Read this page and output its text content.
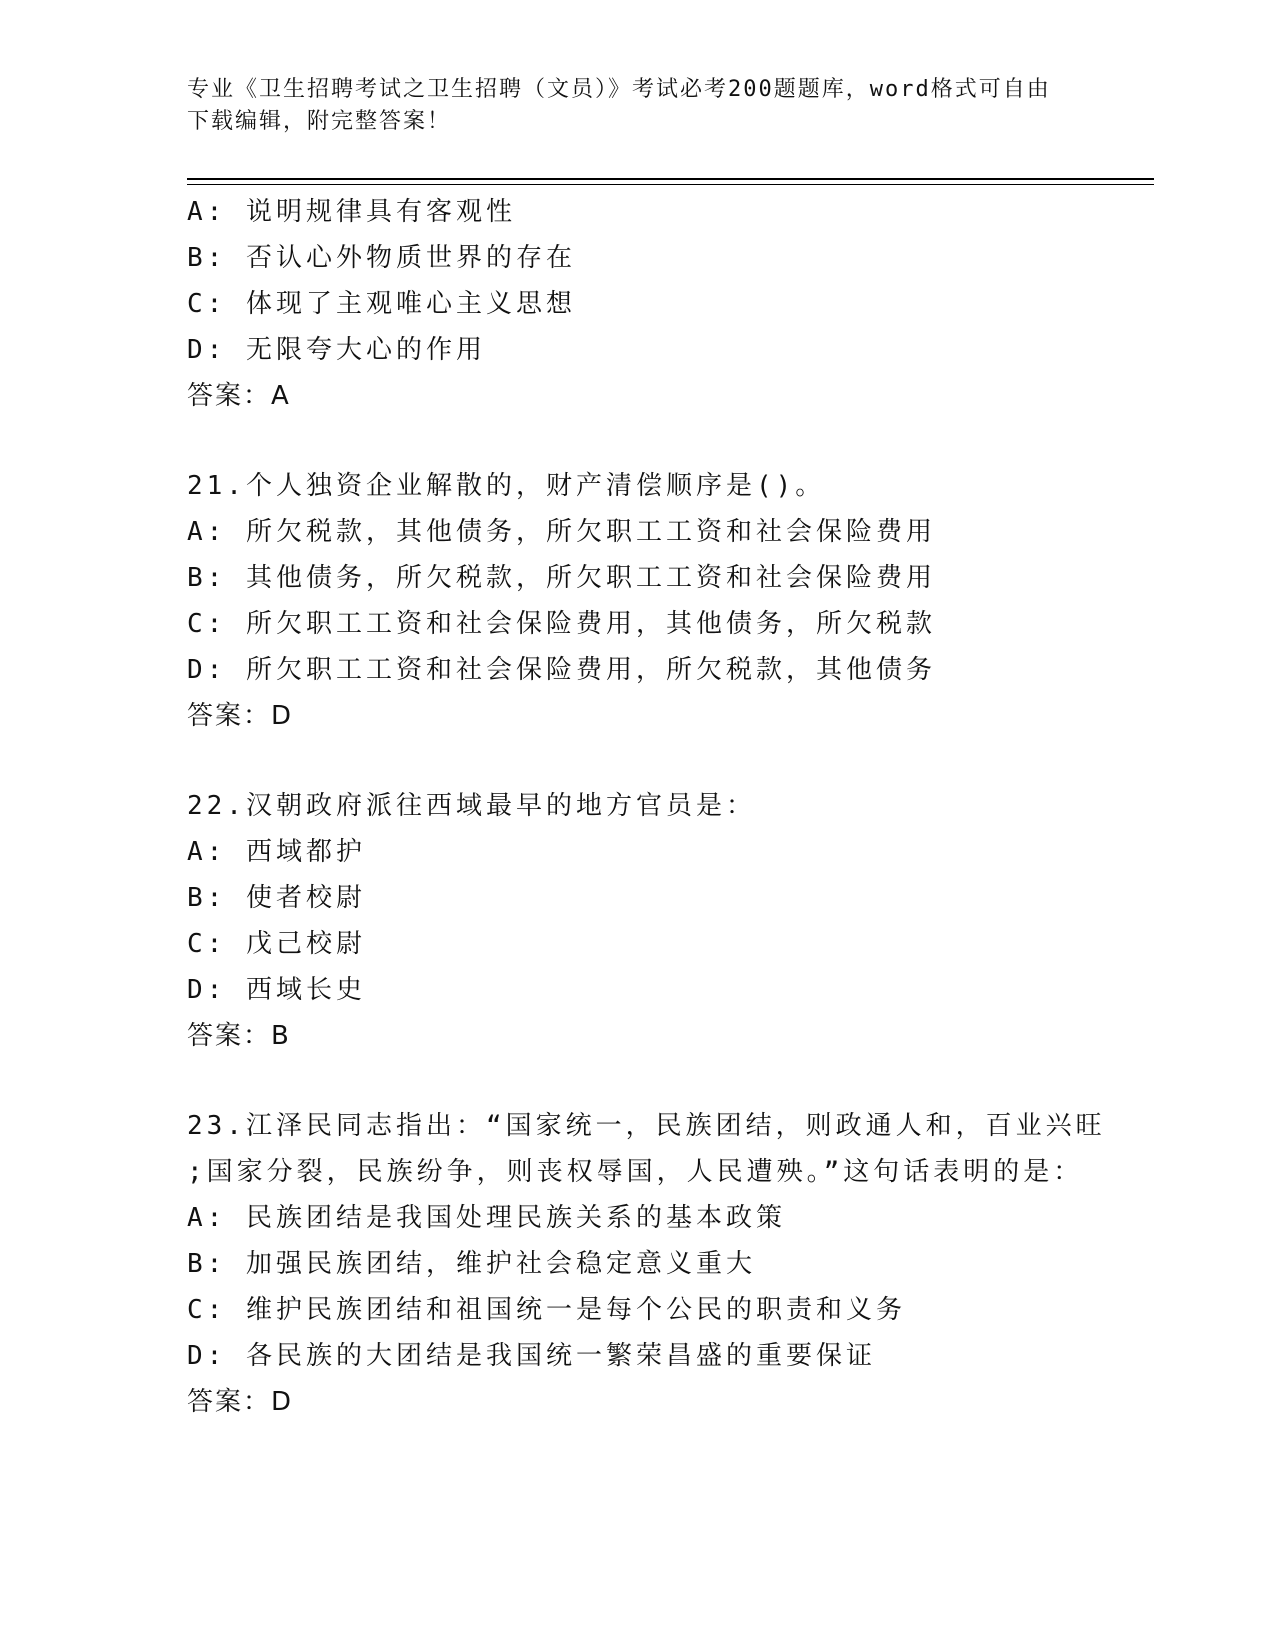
专业《卫生招聘考试之卫生招聘（文员）》考试必考200题题库，word格式可自由下载编辑，附完整答案！
A: 说明规律具有客观性
B: 否认心外物质世界的存在
C: 体现了主观唯心主义思想
D: 无限夸大心的作用
答案：A
21.个人独资企业解散的，财产清偿顺序是()。
A: 所欠税款，其他债务，所欠职工工资和社会保险费用
B: 其他债务，所欠税款，所欠职工工资和社会保险费用
C: 所欠职工工资和社会保险费用，其他债务，所欠税款
D: 所欠职工工资和社会保险费用，所欠税款，其他债务
答案：D
22.汉朝政府派往西域最早的地方官员是：
A: 西域都护
B: 使者校尉
C: 戊己校尉
D: 西域长史
答案：B
23.江泽民同志指出：“国家统一，民族团结，则政通人和，百业兴旺
;国家分裂，民族纷争，则丧权辱国，人民遭殃。”这句话表明的是：
A: 民族团结是我国处理民族关系的基本政策
B: 加强民族团结，维护社会稳定意义重大
C: 维护民族团结和祖国统一是每个公民的职责和义务
D: 各民族的大团结是我国统一繁荣昌盛的重要保证
答案：D
